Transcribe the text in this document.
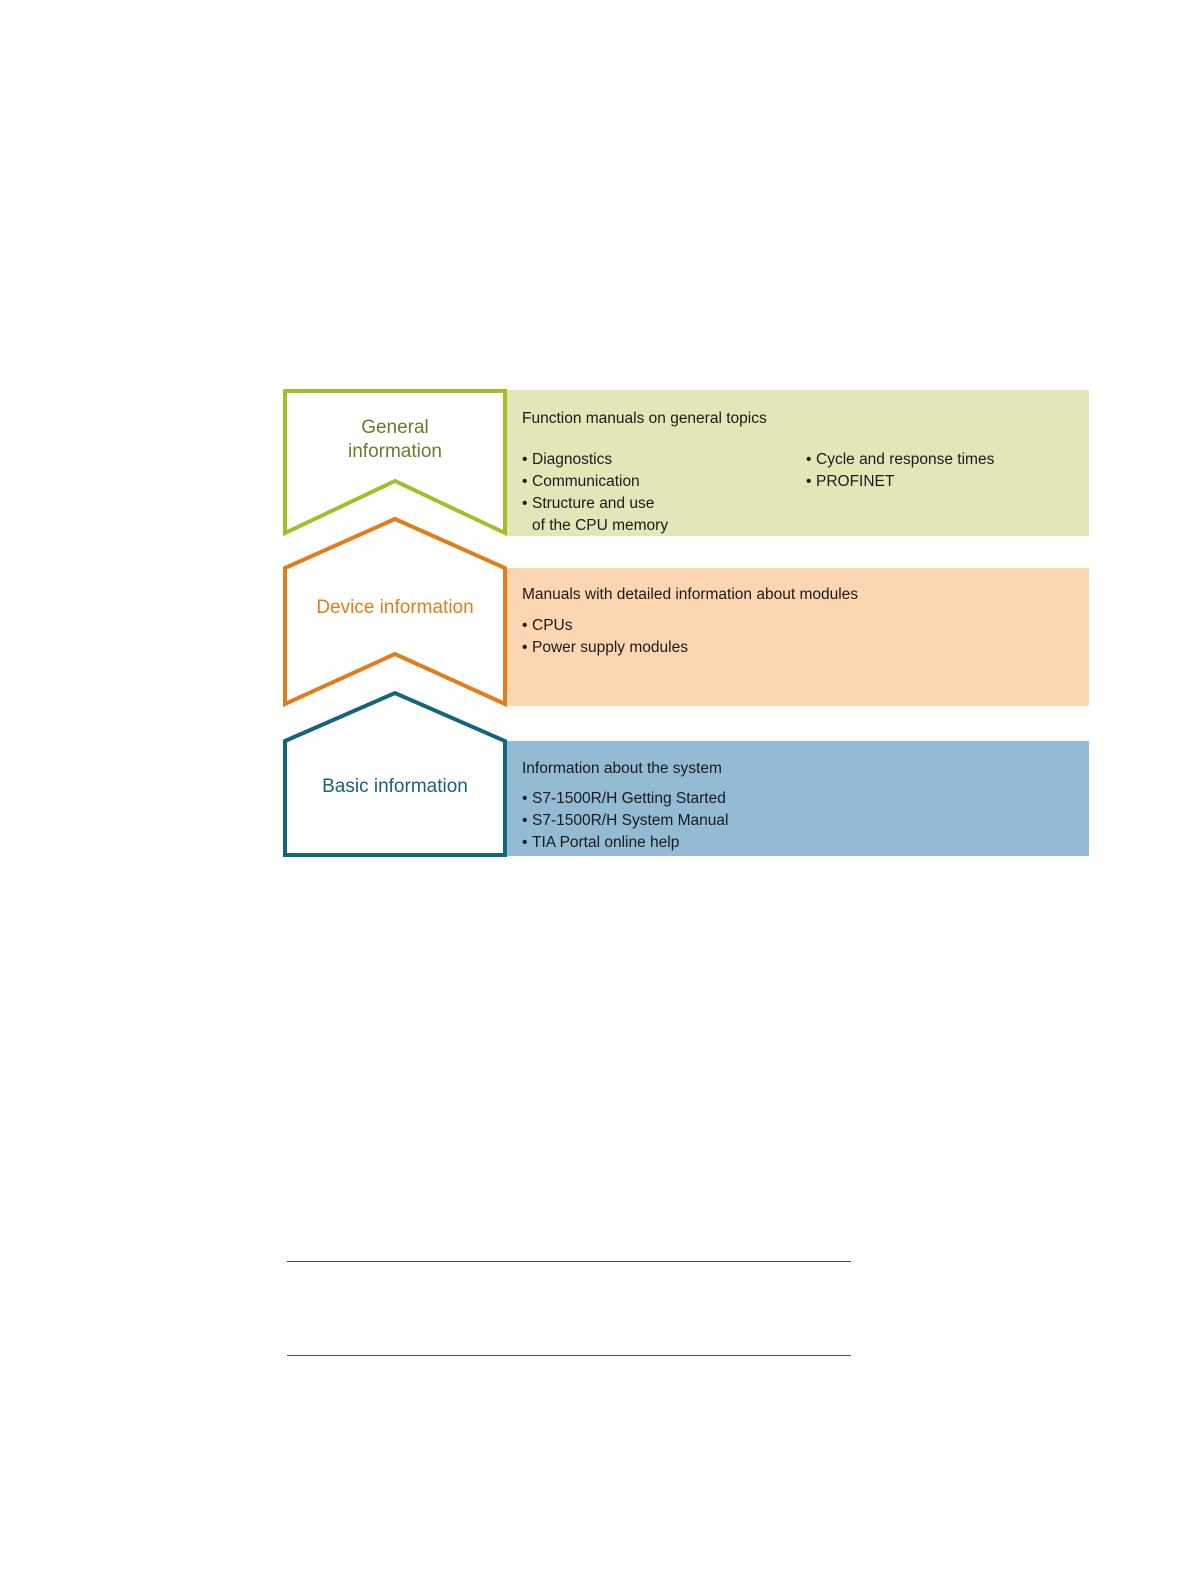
General
information
Device information
Basic information
Function manuals on general topics
• Diagnostics
• Communication
• Structure and use
of the CPU memory
• Cycle and response times
• PROFINET
Manuals with detailed information about modules
• CPUs
• Power supply modules
Information about the system
• S7-1500R/H Getting Started
• S7-1500R/H System Manual
• TIA Portal online help
